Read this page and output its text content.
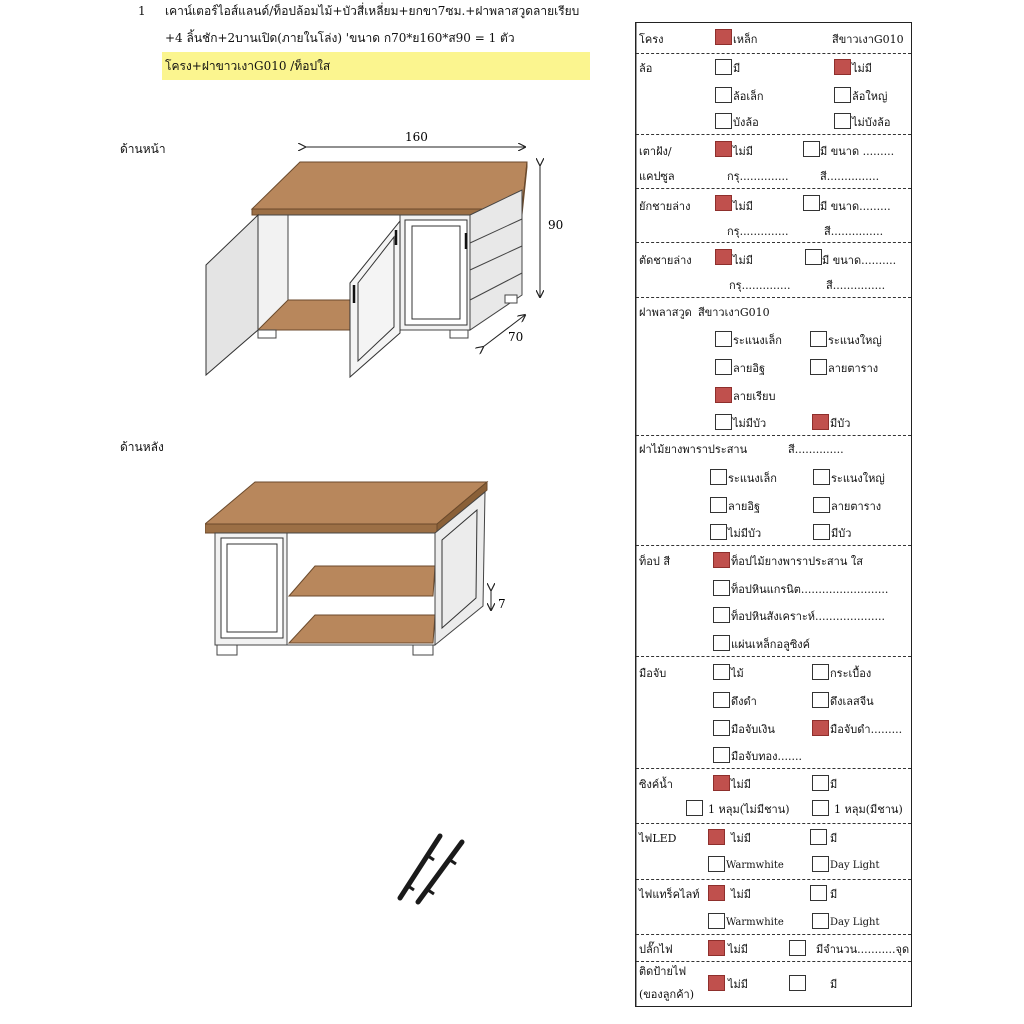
1 เคาน์เตอร์ไอส์แลนด์/ท็อปล้อมไม้+บัวสี่เหลี่ยม+ยกขา7ซม.+ฝาพลาสวูดลายเรียบ
+4 ลิ้นชัก+2บานเปิด(ภายในโล่ง) 'ขนาด ก70*ย160*ส90 = 1 ตัว
โครง+ฝาขาวเงาG010 /ท็อปใส
ด้านหน้า
ด้านหลัง
160
90
70
7
โครง	เหล็ก	สีขาวเงาG010
ล้อ	มี	ไม่มี
ล้อเล็ก	ล้อใหญ่
บังล้อ	ไม่บังล้อ
เตาฝัง/
แคปซูล
ไม่มี	มี ขนาด .........
กรุ..............	สี...............
ยักชายล่าง	ไม่มี	มี ขนาด.........
กรุ..............	สี...............
ตัดชายล่าง	ไม่มี	มี ขนาด..........
กรุ..............	สี...............
ฝาพลาสวูด สีขาวเงาG010
ระแนงเล็ก	ระแนงใหญ่
ลายอิฐ	ลายตาราง
ลายเรียบ
ไม่มีบัว	มีบัว
ฝาไม้ยางพาราประสาน	สี..............
ระแนงเล็ก	ระแนงใหญ่
ลายอิฐ	ลายตาราง
ไม่มีบัว	มีบัว
ท็อป สี	ท็อปไม้ยางพาราประสาน ใส
ท็อปหินแกรนิต.........................
ท็อปหินสังเคราะห์....................
แผ่นเหล็กอลูซิงค์
มือจับ	ไม้	กระเบื้อง
ดึงดำ	ดึงเลสจีน
มือจับเงิน	มือจับดำ.........
มือจับทอง.......
ซิงค์น้ำ	ไม่มี	มี
1 หลุม(ไม่มีชาน)	1 หลุม(มีชาน)
ไฟLED	ไม่มี	มี
Warmwhite	Day Light
ไฟแทร็คไลท์	ไม่มี	มี
Warmwhite	Day Light
ปลั๊กไฟ	ไม่มี	มีจำนวน...........จุด
ติดป้ายไฟ
(ของลูกค้า)
ไม่มี	มี
